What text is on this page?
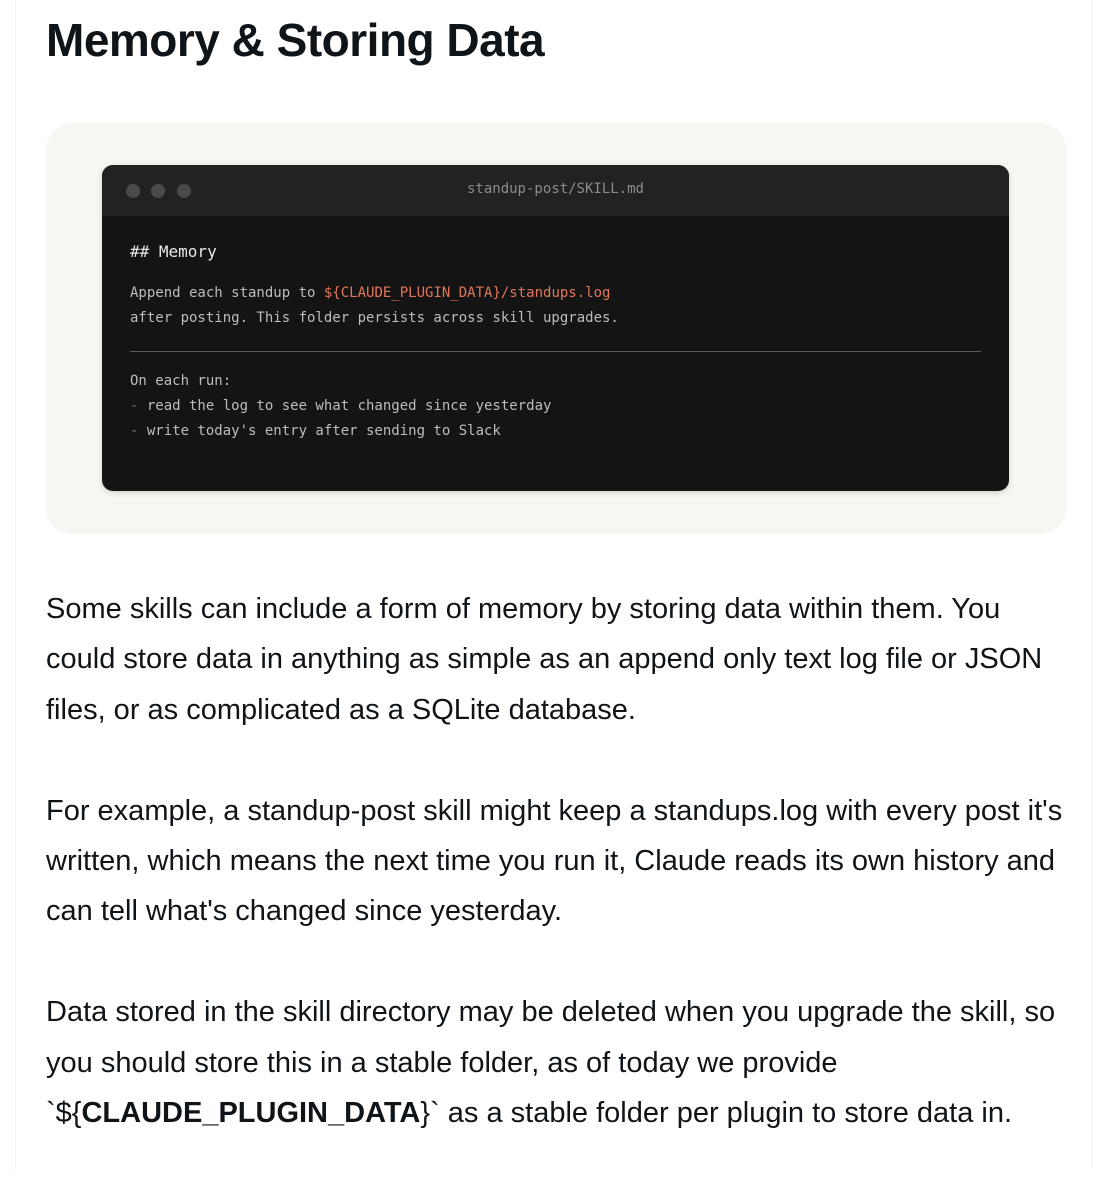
Memory & Storing Data
standup-post/SKILL.md
## Memory
Append each standup to ${CLAUDE_PLUGIN_DATA}/standups.log
after posting. This folder persists across skill upgrades.
On each run:
- read the log to see what changed since yesterday
- write today's entry after sending to Slack

Some skills can include a form of memory by storing data within them. You could store data in anything as simple as an append only text log file or JSON files, or as complicated as a SQLite database.

For example, a standup-post skill might keep a standups.log with every post it's written, which means the next time you run it, Claude reads its own history and can tell what's changed since yesterday.

Data stored in the skill directory may be deleted when you upgrade the skill, so you should store this in a stable folder, as of today we provide `${CLAUDE_PLUGIN_DATA}` as a stable folder per plugin to store data in.
